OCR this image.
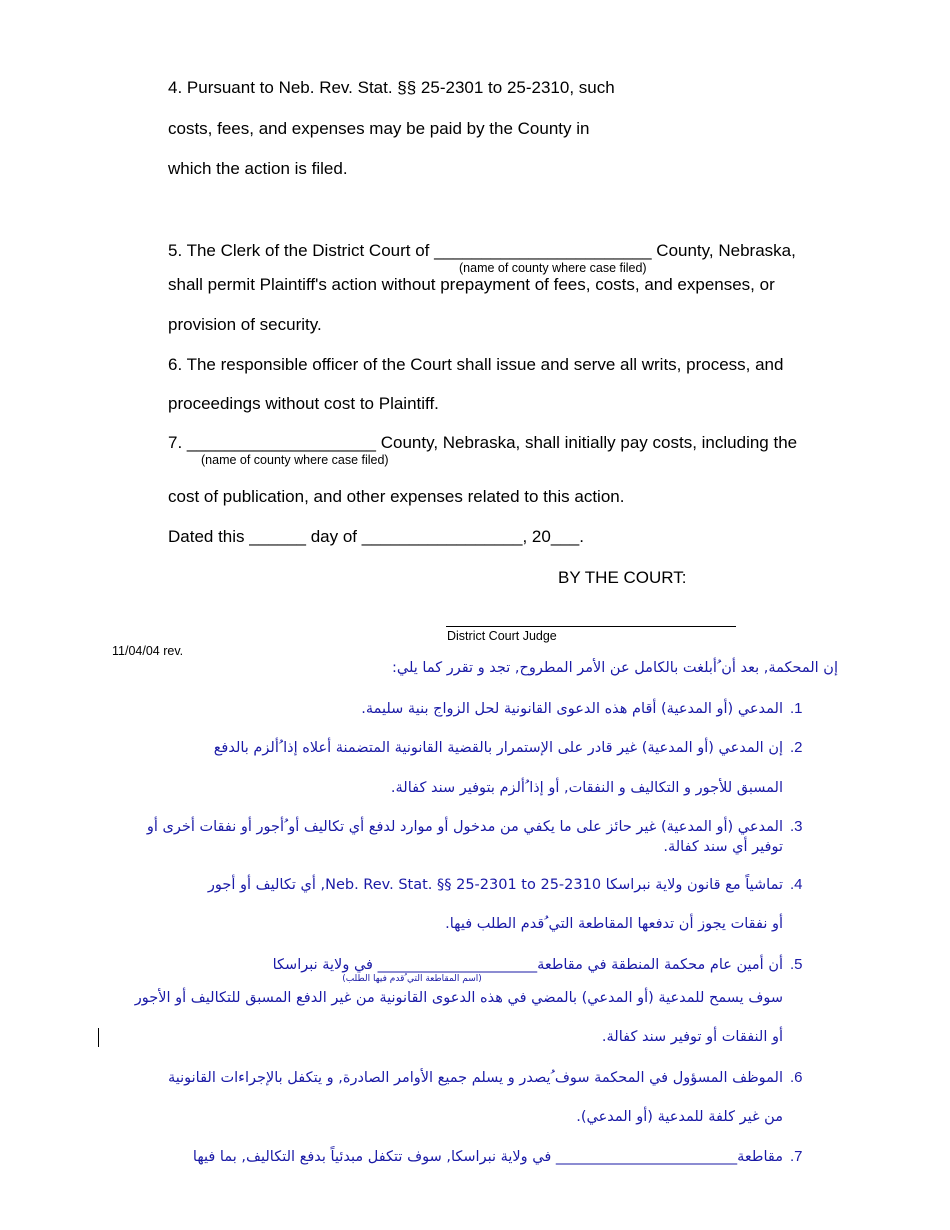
4. Pursuant to Neb. Rev. Stat. §§ 25-2301 to 25-2310, such
costs, fees, and expenses may be paid by the County in
which the action is filed.
5. The Clerk of the District Court of _______________________ County, Nebraska,
(name of county where case filed)
shall permit Plaintiff's action without prepayment of fees, costs, and expenses, or
provision of security.
6. The responsible officer of the Court shall issue and serve all writs, process, and
proceedings without cost to Plaintiff.
7. ____________________ County, Nebraska, shall initially pay costs, including the
(name of county where case filed)
cost of publication, and other expenses related to this action.
Dated this ______ day of _________________, 20___.
BY THE COURT:
District Court Judge
11/04/04 rev.
إن المحكمة, بعد أن ُأبلغت بالكامل عن الأمر المطروح, تجد و تقرر كما يلي:
.1
المدعي (أو المدعية) أقام هذه الدعوى القانونية لحل الزواج بنية سليمة.
.2
إن المدعي (أو المدعية) غير قادر على الإستمرار بالقضية القانونية المتضمنة أعلاه إذا ُألزم بالدفع
المسبق للأجور و التكاليف و النفقات, أو إذا ُألزم بتوفير سند كفالة.
.3
المدعي (أو المدعية) غير حائز على ما يكفي من مدخول أو موارد لدفع أي تكاليف أو ُأجور أو نفقات أخرى أو توفير أي سند كفالة.
.4
تماشياً مع قانون ولاية نبراسكا Neb. Rev. Stat. §§ 25-2301 to 25-2310, أي تكاليف أو أجور
أو نفقات يجوز أن تدفعها المقاطعة التي ُقدم الطلب فيها.
.5
أن أمين عام محكمة المنطقة في مقاطعة______________________ في ولاية نبراسكا
(اسم المقاطعة التي ُقدم فيها الطلب)
سوف يسمح للمدعية (أو المدعي) بالمضي في هذه الدعوى القانونية من غير الدفع المسبق للتكاليف أو الأجور
أو النفقات أو توفير سند كفالة.
.6
الموظف المسؤول في المحكمة سوف ُيصدر و يسلم جميع الأوامر الصادرة, و يتكفل بالإجراءات القانونية
من غير كلفة للمدعية (أو المدعي).
.7
مقاطعة_________________________ في ولاية نبراسكا, سوف تتكفل مبدئياً بدفع التكاليف, بما فيها
